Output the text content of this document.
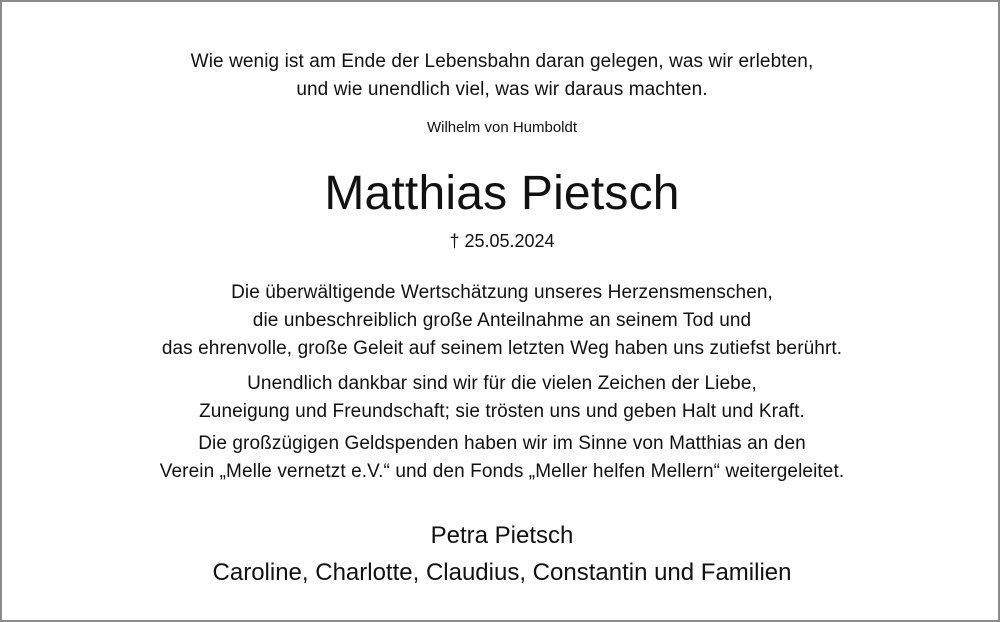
Wie wenig ist am Ende der Lebensbahn daran gelegen, was wir erlebten,
und wie unendlich viel, was wir daraus machten.
Wilhelm von Humboldt
Matthias Pietsch
† 25.05.2024
Die überwältigende Wertschätzung unseres Herzensmenschen,
die unbeschreiblich große Anteilnahme an seinem Tod und
das ehrenvolle, große Geleit auf seinem letzten Weg haben uns zutiefst berührt.
Unendlich dankbar sind wir für die vielen Zeichen der Liebe,
Zuneigung und Freundschaft; sie trösten uns und geben Halt und Kraft.
Die großzügigen Geldspenden haben wir im Sinne von Matthias an den
Verein „Melle vernetzt e.V.“ und den Fonds „Meller helfen Mellern“ weitergeleitet.
Petra Pietsch
Caroline, Charlotte, Claudius, Constantin und Familien
